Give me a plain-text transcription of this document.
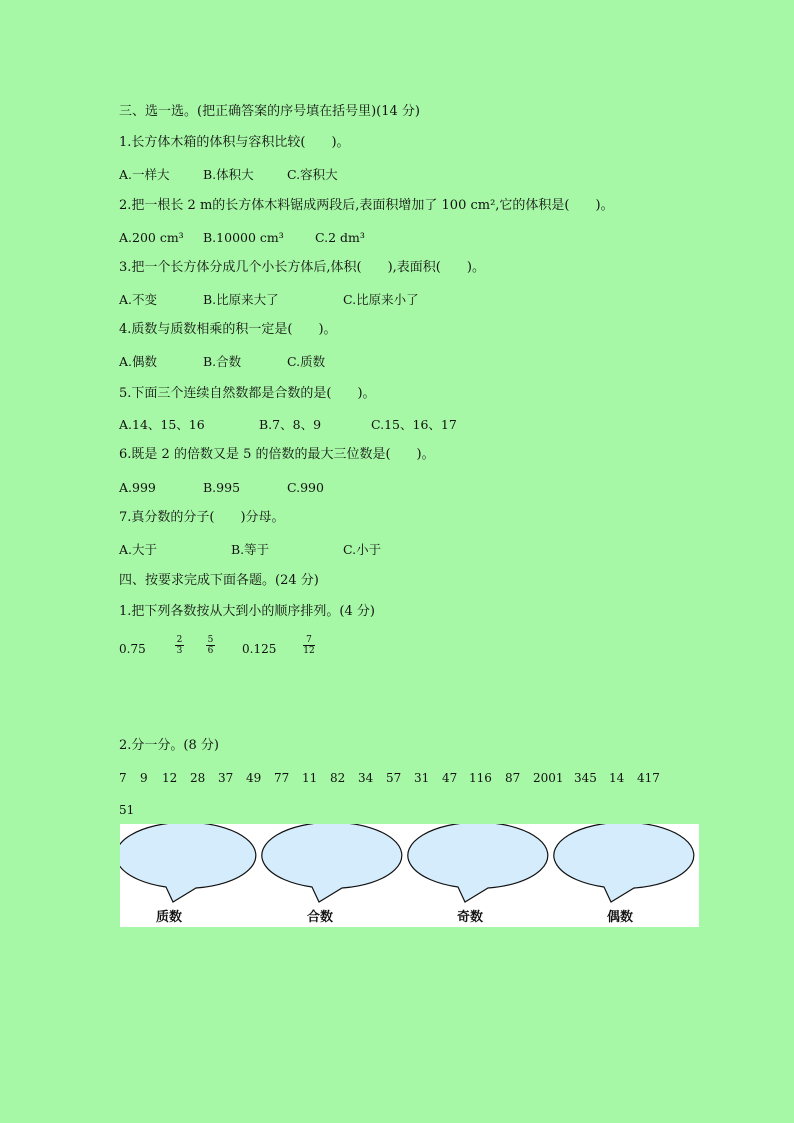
三、选一选。(把正确答案的序号填在括号里)(14 分)
1.长方体木箱的体积与容积比较(　　)。
A.一样大	B.体积大	C.容积大
2.把一根长 2 m的长方体木料锯成两段后,表面积增加了 100 cm²,它的体积是(　　)。
A.200 cm³ B.10000 cm³ C.2 dm³
3.把一个长方体分成几个小长方体后,体积(　　),表面积(　　)。
A.不变	B.比原来大了	C.比原来小了
4.质数与质数相乘的积一定是(　　)。
A.偶数	B.合数	C.质数
5.下面三个连续自然数都是合数的是(　　)。
A.14、15、16	B.7、8、9	C.15、16、17
6.既是 2 的倍数又是 5 的倍数的最大三位数是(　　)。
A.999	B.995	C.990
7.真分数的分子(　　)分母。
A.大于	B.等于	C.小于
四、按要求完成下面各题。(24 分)
1.把下列各数按从大到小的顺序排列。(4 分)
0.75
2
3
5
6 0.125
7
12
2.分一分。(8 分)
7 9 12 28 37 49 77 11 82 34 57 31 47 116 87 2001 345 14 417
51
质数	合数	奇数	偶数
